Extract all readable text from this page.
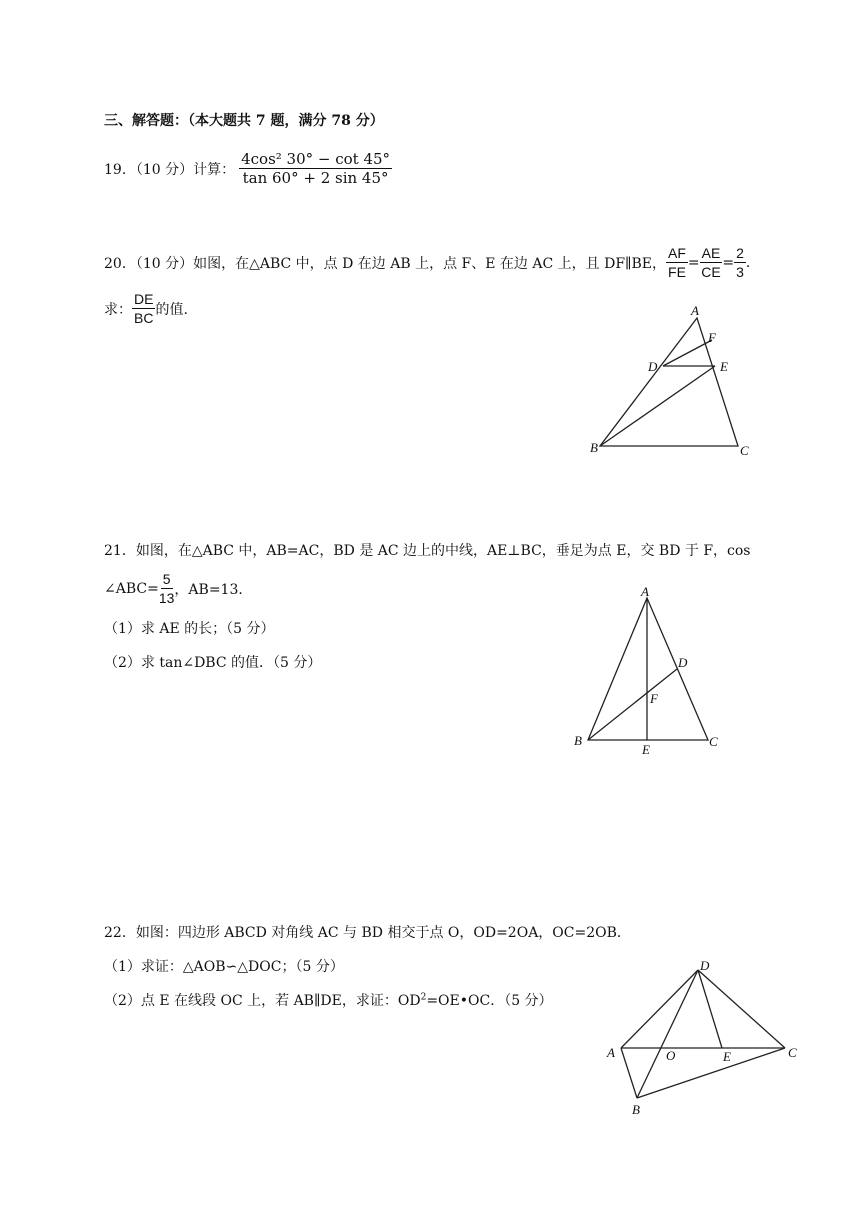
三、解答题：（本大题共 7 题，满分 78 分）
19．（10 分）计算： $\frac{\text{4cos² 30° − cot 45°}}{\tan 60^\circ + 2 \sin 45^\circ}$
20．（10 分）如图，在△ABC 中，点 D 在边 AB 上，点 F、E 在边 AC 上，且 DF∥BE， $\frac{AF}{FE} = \frac{AE}{CE} = \frac{2}{3}$ .
求： $\frac{DE}{BC}$ 的值.	A
F
D	E
B	C
21．如图，在△ABC 中，AB=AC，BD 是 AC 边上的中线，AE⊥BC，垂足为点 E，交 BD 于 F，cos
∠ABC= $\frac{5}{13}$ ，AB=13．
（1）求 AE 的长；（5 分）
（2）求 tan∠DBC 的值．（5 分）
A
D
F
B
E
C
22．如图：四边形 ABCD 对角线 AC 与 BD 相交于点 O，OD=2OA，OC=2OB．
（1）求证：△AOB∽△DOC；（5 分）
（2）点 E 在线段 OC 上，若 AB∥DE，求证：$OD^2=OE•OC$．（5 分）
D
A	O	E	C
B
